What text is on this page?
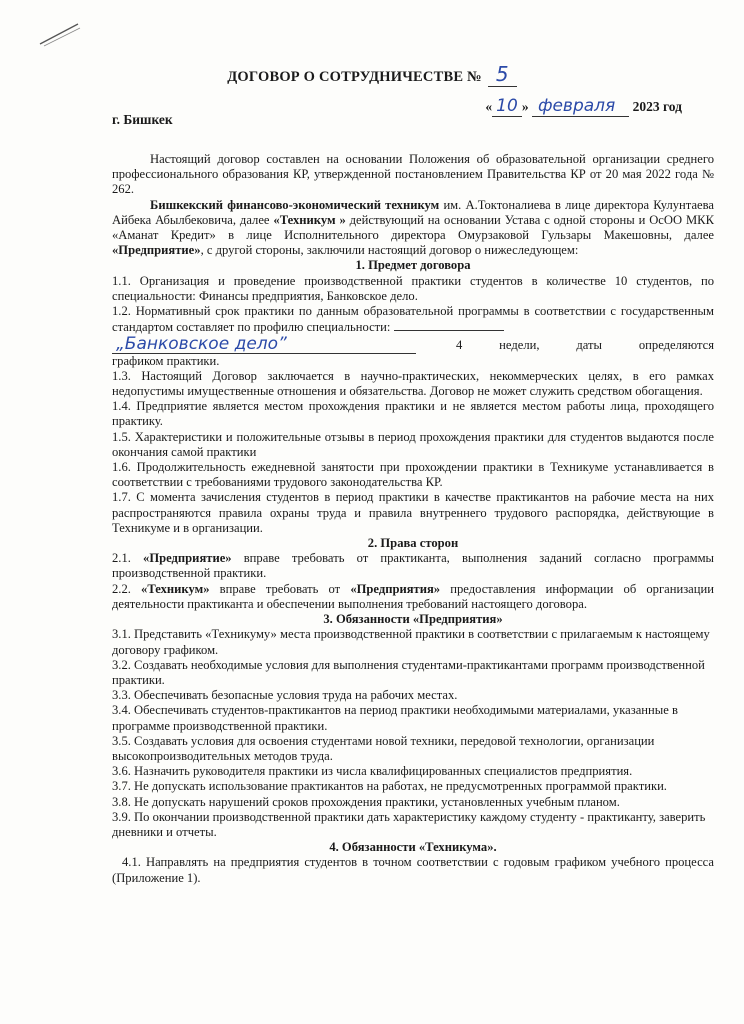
ДОГОВОР О СОТРУДНИЧЕСТВЕ № 5
г. Бишкек
« 10 » февраля 2023 год

Настоящий договор составлен на основании Положения об образовательной организации среднего профессионального образования КР, утвержденной постановлением Правительства КР от 20 мая 2022 года № 262.

Бишкекский финансово-экономический техникум им. А.Токтоналиева в лице директора Кулунтаева Айбека Абылбековича, далее «Техникум » действующий на основании Устава с одной стороны и ОсОО МКК «Аманат Кредит» в лице Исполнительного директора Омурзаковой Гульзары Макешовны, далее «Предприятие», с другой стороны, заключили настоящий договор о нижеследующем:

1. Предмет договора

1.1. Организация и проведение производственной практики студентов в количестве 10 студентов, по специальности: Финансы предприятия, Банковское дело.

1.2. Нормативный срок практики по данным образовательной программы в соответствии с государственным стандартом составляет по профилю специальности:

„Банковское дело”	4 недели, даты определяются

графиком практики.

1.3. Настоящий Договор заключается в научно-практических, некоммерческих целях, в его рамках недопустимы имущественные отношения и обязательства. Договор не может служить средством обогащения.

1.4. Предприятие является местом прохождения практики и не является местом работы лица, проходящего практику.

1.5. Характеристики и положительные отзывы в период прохождения практики для студентов выдаются после окончания самой практики

1.6. Продолжительность ежедневной занятости при прохождении практики в Техникуме устанавливается в соответствии с требованиями трудового законодательства КР.

1.7. С момента зачисления студентов в период практики в качестве практикантов на рабочие места на них распространяются правила охраны труда и правила внутреннего трудового распорядка, действующие в Техникуме и в организации.

2. Права сторон

2.1. «Предприятие» вправе требовать от практиканта, выполнения заданий согласно программы производственной практики.

2.2. «Техникум» вправе требовать от «Предприятия» предоставления информации об организации деятельности практиканта и обеспечении выполнения требований настоящего договора.

3. Обязанности «Предприятия»

3.1. Представить «Техникуму» места производственной практики в соответствии с прилагаемым к настоящему договору графиком.

3.2. Создавать необходимые условия для выполнения студентами-практикантами программ производственной практики.

3.3. Обеспечивать безопасные условия труда на рабочих местах.

3.4. Обеспечивать студентов-практикантов на период практики необходимыми материалами, указанные в программе производственной практики.

3.5. Создавать условия для освоения студентами новой техники, передовой технологии, организации высокопроизводительных методов труда.

3.6. Назначить руководителя практики из числа квалифицированных специалистов предприятия.

3.7. Не допускать использование практикантов на работах, не предусмотренных программой практики.

3.8. Не допускать нарушений сроков прохождения практики, установленных учебным планом.

3.9. По окончании производственной практики дать характеристику каждому студенту - практиканту, заверить дневники и отчеты.

4. Обязанности «Техникума».

4.1. Направлять на предприятия студентов в точном соответствии с годовым графиком учебного процесса (Приложение 1).
